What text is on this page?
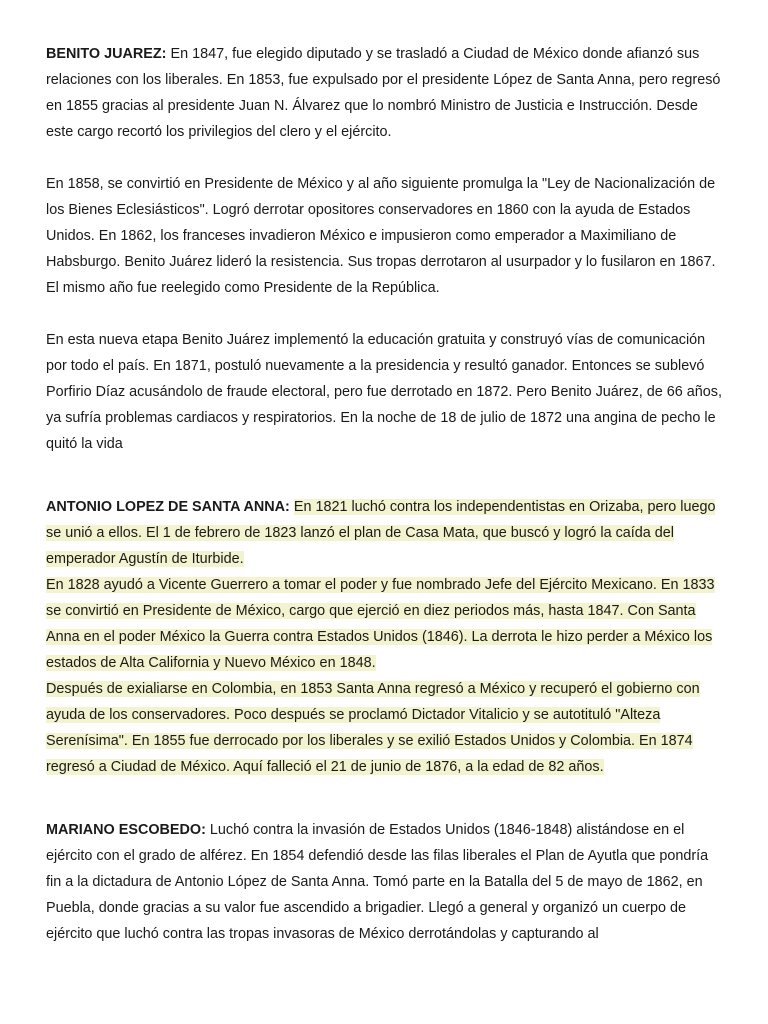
BENITO JUAREZ: En 1847, fue elegido diputado y se trasladó a Ciudad de México donde afianzó sus relaciones con los liberales. En 1853, fue expulsado por el presidente López de Santa Anna, pero regresó en 1855 gracias al presidente Juan N. Álvarez que lo nombró Ministro de Justicia e Instrucción. Desde este cargo recortó los privilegios del clero y el ejército.

En 1858, se convirtió en Presidente de México y al año siguiente promulga la "Ley de Nacionalización de los Bienes Eclesiásticos". Logró derrotar opositores conservadores en 1860 con la ayuda de Estados Unidos. En 1862, los franceses invadieron México e impusieron como emperador a Maximiliano de Habsburgo. Benito Juárez lideró la resistencia. Sus tropas derrotaron al usurpador y lo fusilaron en 1867. El mismo año fue reelegido como Presidente de la República.

En esta nueva etapa Benito Juárez implementó la educación gratuita y construyó vías de comunicación por todo el país. En 1871, postuló nuevamente a la presidencia y resultó ganador. Entonces se sublevó Porfirio Díaz acusándolo de fraude electoral, pero fue derrotado en 1872. Pero Benito Juárez, de 66 años, ya sufría problemas cardiacos y respiratorios. En la noche de 18 de julio de 1872 una angina de pecho le quitó la vida

ANTONIO LOPEZ DE SANTA ANNA: En 1821 luchó contra los independentistas en Orizaba, pero luego se unió a ellos. El 1 de febrero de 1823 lanzó el plan de Casa Mata, que buscó y logró la caída del emperador Agustín de Iturbide.

En 1828 ayudó a Vicente Guerrero a tomar el poder y fue nombrado Jefe del Ejército Mexicano. En 1833 se convirtió en Presidente de México, cargo que ejerció en diez periodos más, hasta 1847. Con Santa Anna en el poder México la Guerra contra Estados Unidos (1846). La derrota le hizo perder a México los estados de Alta California y Nuevo México en 1848.

Después de exialiarse en Colombia, en 1853 Santa Anna regresó a México y recuperó el gobierno con ayuda de los conservadores. Poco después se proclamó Dictador Vitalicio y se autotituló "Alteza Serenísima". En 1855 fue derrocado por los liberales y se exilió Estados Unidos y Colombia. En 1874 regresó a Ciudad de México. Aquí falleció el 21 de junio de 1876, a la edad de 82 años.

MARIANO ESCOBEDO: Luchó contra la invasión de Estados Unidos (1846-1848) alistándose en el ejército con el grado de alférez. En 1854 defendió desde las filas liberales el Plan de Ayutla que pondría fin a la dictadura de Antonio López de Santa Anna. Tomó parte en la Batalla del 5 de mayo de 1862, en Puebla, donde gracias a su valor fue ascendido a brigadier. Llegó a general y organizó un cuerpo de ejército que luchó contra las tropas invasoras de México derrotándolas y capturando al
